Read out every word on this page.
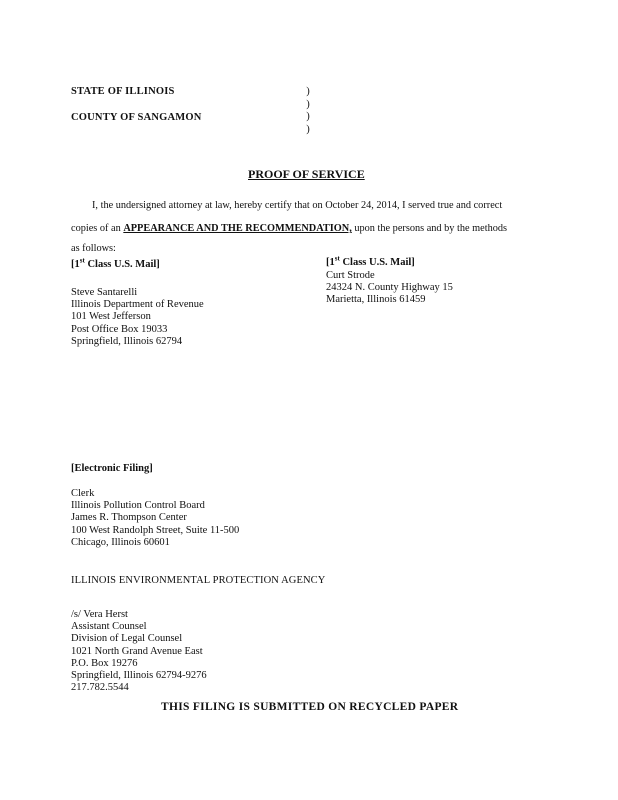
STATE OF ILLINOIS
COUNTY OF SANGAMON
)
)
)
)
PROOF OF SERVICE
I, the undersigned attorney at law, hereby certify that on October 24, 2014, I served true and correct
copies of an APPEARANCE AND THE RECOMMENDATION, upon the persons and by the methods
as follows:
[1st Class U.S. Mail]
Steve Santarelli
Illinois Department of Revenue
101 West Jefferson
Post Office Box 19033
Springfield, Illinois 62794
[1st Class U.S. Mail]
Curt Strode
24324 N. County Highway 15
Marietta, Illinois 61459
[Electronic Filing]
Clerk
Illinois Pollution Control Board
James R. Thompson Center
100 West Randolph Street, Suite 11-500
Chicago, Illinois 60601
ILLINOIS ENVIRONMENTAL PROTECTION AGENCY
/s/ Vera Herst
Assistant Counsel
Division of Legal Counsel
1021 North Grand Avenue East
P.O. Box 19276
Springfield, Illinois 62794-9276
217.782.5544
THIS FILING IS SUBMITTED ON RECYCLED PAPER
